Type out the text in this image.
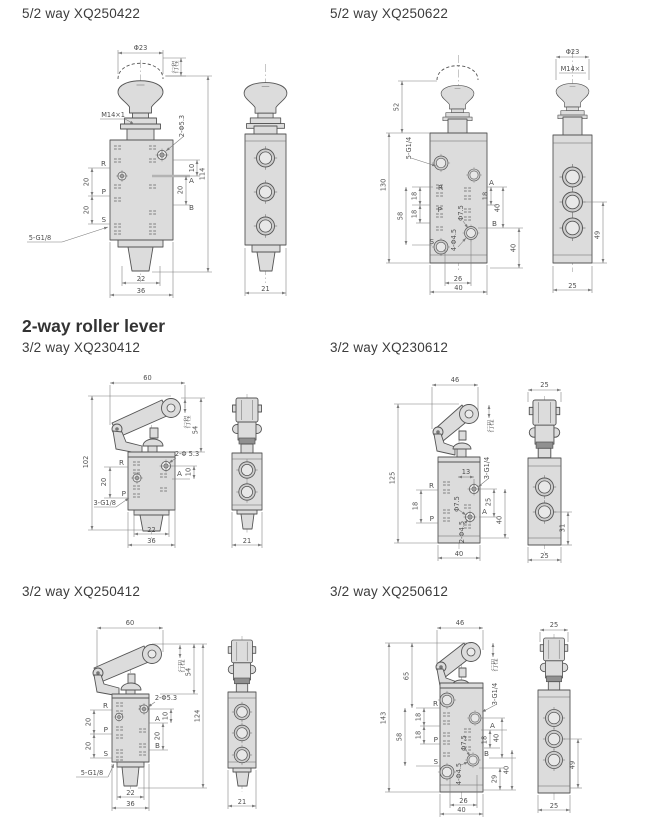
5/2 way XQ250422	5/2 way XQ250622
2-way roller lever
3/2 way XQ230412	3/2 way XQ230612
3/2 way XQ250412	3/2 way XQ250612
Φ23
行程
M14×1	2-Φ5.3
R
P
S
20
20
10
A
B
20
114
5-G1/8
22
36	21
52
130
58
18
18
5-G1/4
R
P
S
A
B
18
40
40
Φ7.5
4-Φ4.5
26
40
Φ23
M14×1
49
25
60
102
行程
54
2-Φ 5.3
R
P
20
A 10
3-G1/8
22
36	21
46
行程
125	13 3-G1/4
R
P
18	Φ7.5
2-Φ4.5
A
25
40
40
25
31
25
60
行程
54
124
2-Φ5.3
R
P
S
20
20
A
B
10
20
5-G1/8
22
36	21
46
行程
65
143
58
18
18
R
P
S
3-G1/4
A
18 40
B
29
40
Φ7.5
4-Φ4.5
26
40
25
49
25
